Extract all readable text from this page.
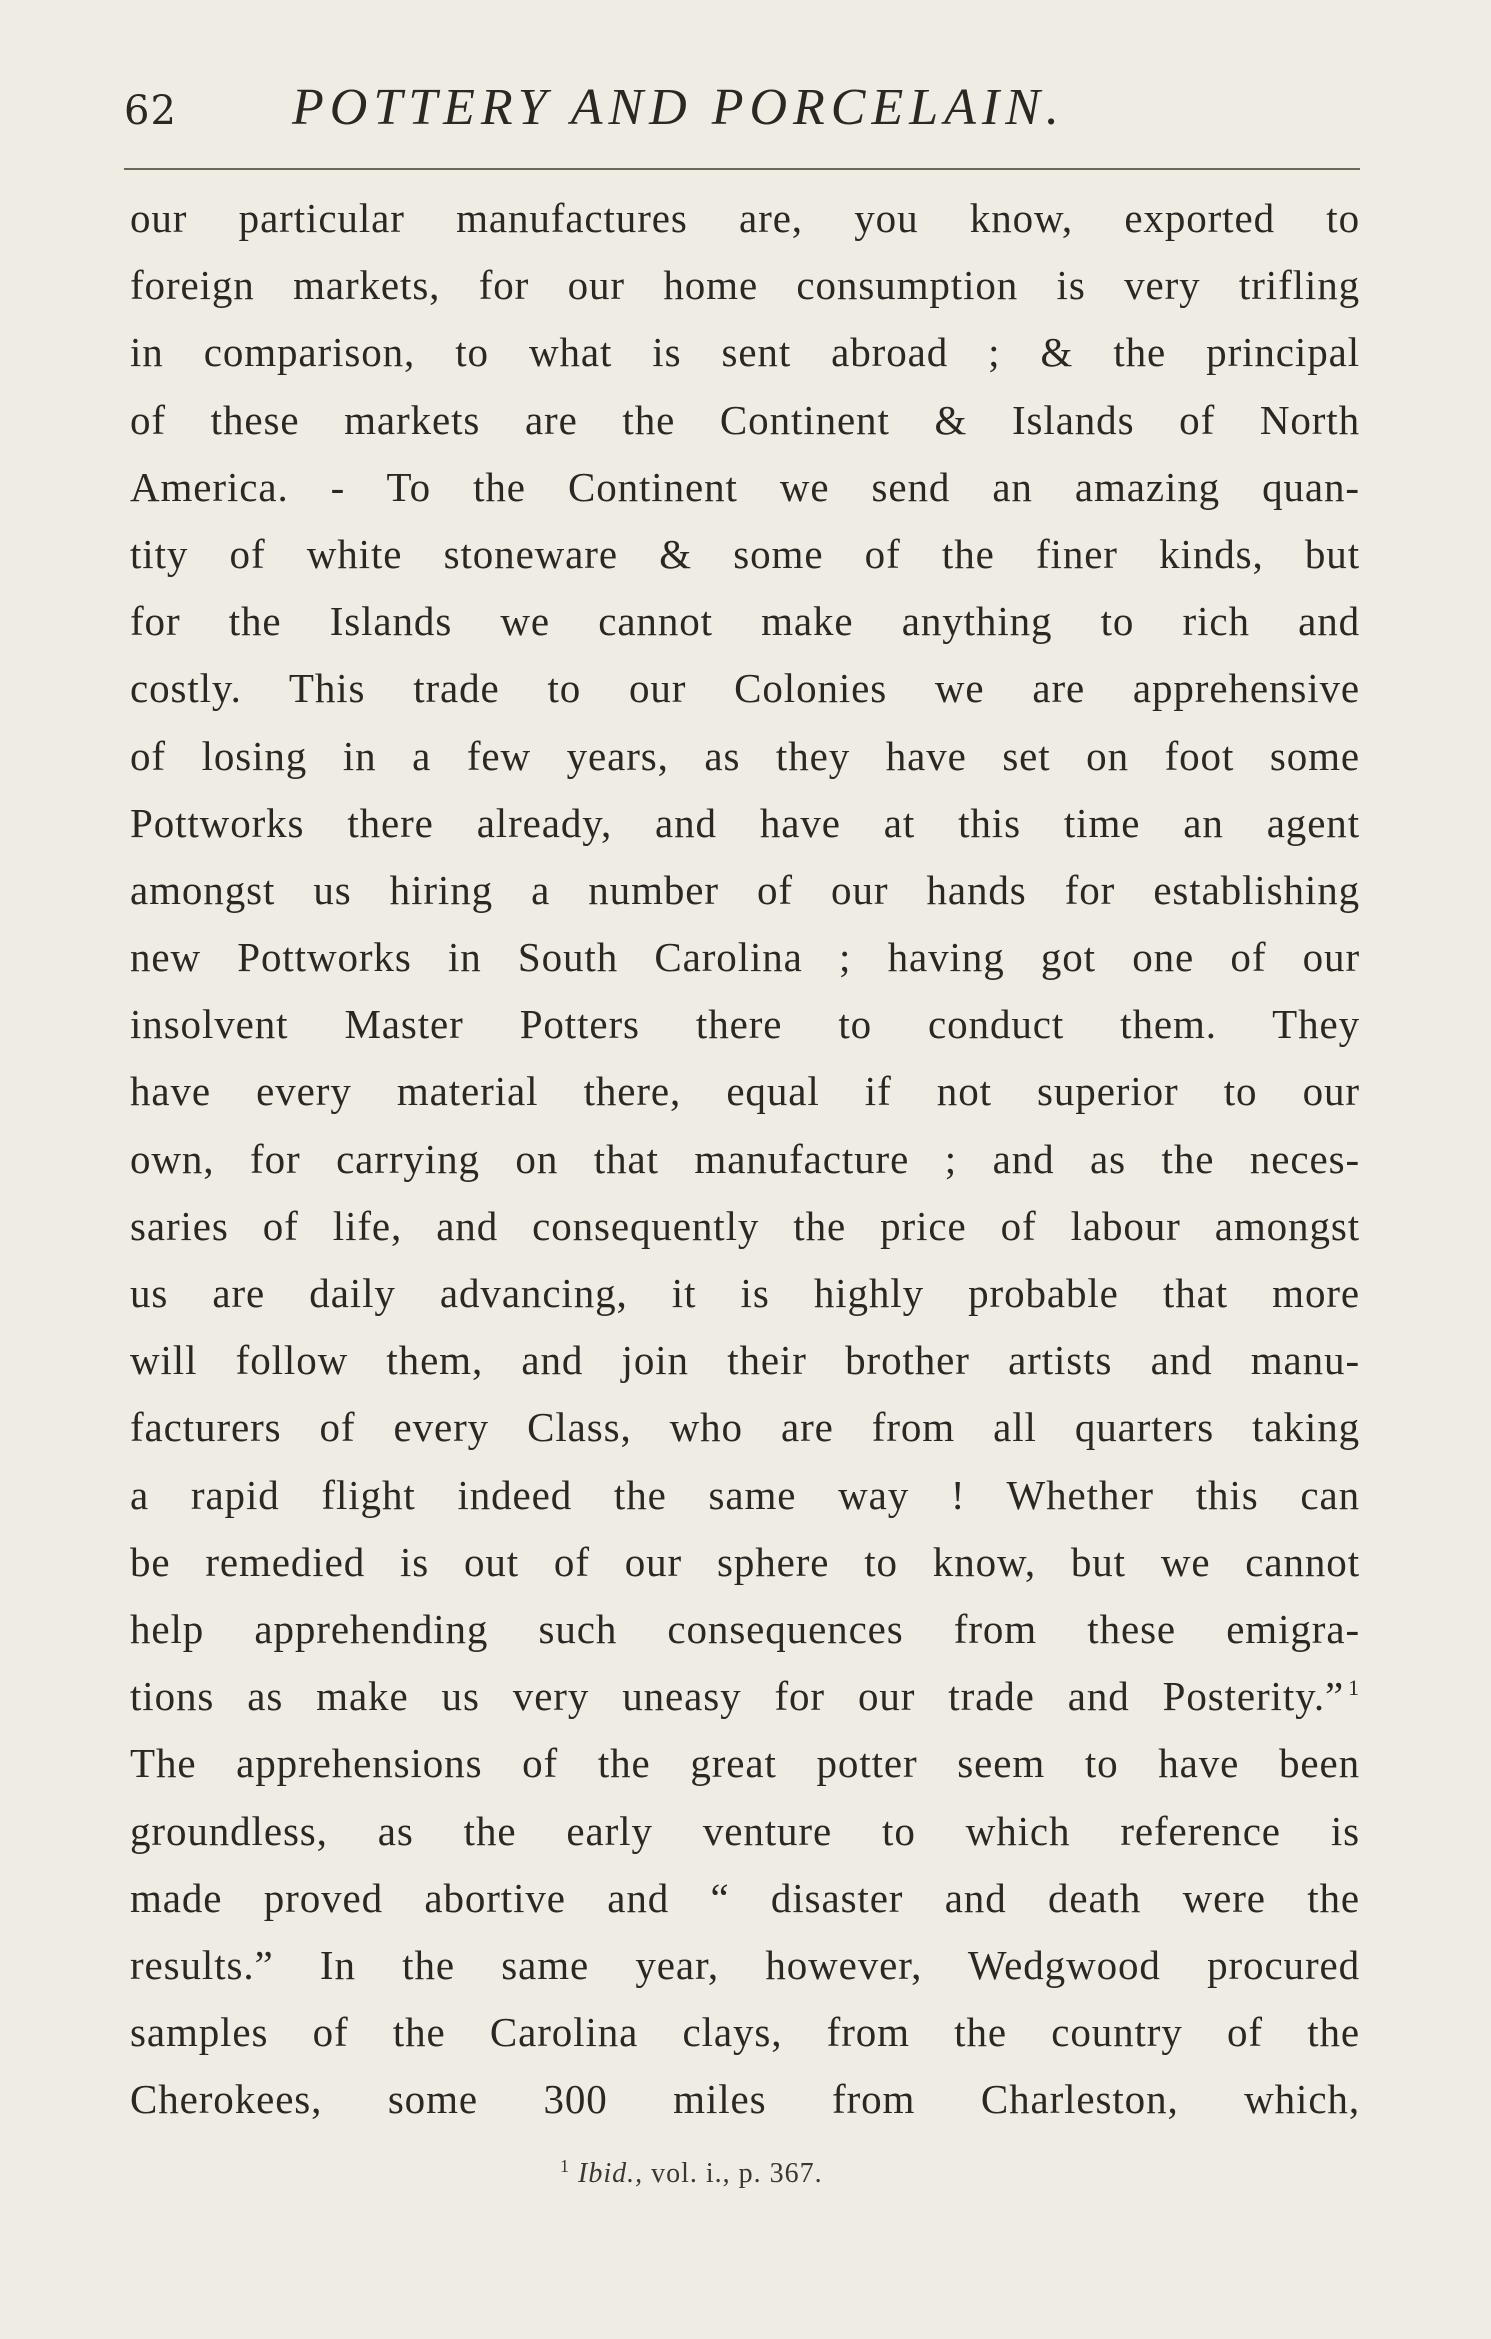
62	POTTERY AND PORCELAIN.
our particular manufactures are, you know, exported to
foreign markets, for our home consumption is very trifling
in comparison, to what is sent abroad ; & the principal
of these markets are the Continent & Islands of North
America. - To the Continent we send an amazing quan-
tity of white stoneware & some of the finer kinds, but
for the Islands we cannot make anything to rich and
costly. This trade to our Colonies we are apprehensive
of losing in a few years, as they have set on foot some
Pottworks there already, and have at this time an agent
amongst us hiring a number of our hands for establishing
new Pottworks in South Carolina ; having got one of our
insolvent Master Potters there to conduct them. They
have every material there, equal if not superior to our
own, for carrying on that manufacture ; and as the neces-
saries of life, and consequently the price of labour amongst
us are daily advancing, it is highly probable that more
will follow them, and join their brother artists and manu-
facturers of every Class, who are from all quarters taking
a rapid flight indeed the same way ! Whether this can
be remedied is out of our sphere to know, but we cannot
help apprehending such consequences from these emigra-
tions as make us very uneasy for our trade and Posterity.” $^1$
The apprehensions of the great potter seem to have been
groundless, as the early venture to which reference is
made proved abortive and “ disaster and death were the
results.” In the same year, however, Wedgwood procured
samples of the Carolina clays, from the country of the
Cherokees, some 300 miles from Charleston, which,
$^1$ Ibid., vol. i., p. 367.
